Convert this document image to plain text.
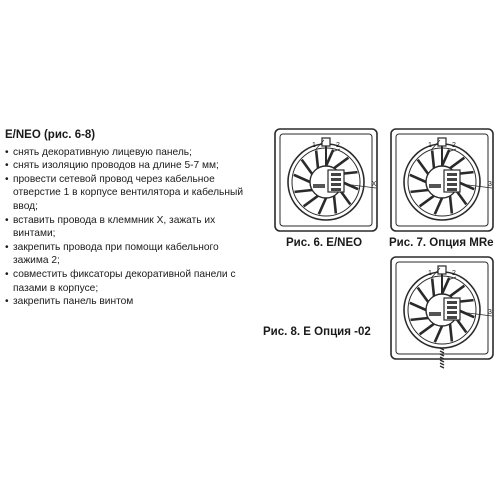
E/NEO (рис. 6-8)
• снять декоративную лицевую панель;
• снять изоляцию проводов на длине 5-7 мм;
• провести сетевой провод через кабельное отверстие 1 в корпусе вентилятора и кабельный ввод;
• вставить провода в клеммник X, зажать их винтами;
• закрепить провода при помощи кабельного зажима 2;
• совместить фиксаторы декоративной панели с пазами в корпусе;
• закрепить панель винтом
1	2
X
Рис. 6. E/NEO
1	2
3
Рис. 7. Опция MRe
1	2
3
Рис. 8. E Опция -02
